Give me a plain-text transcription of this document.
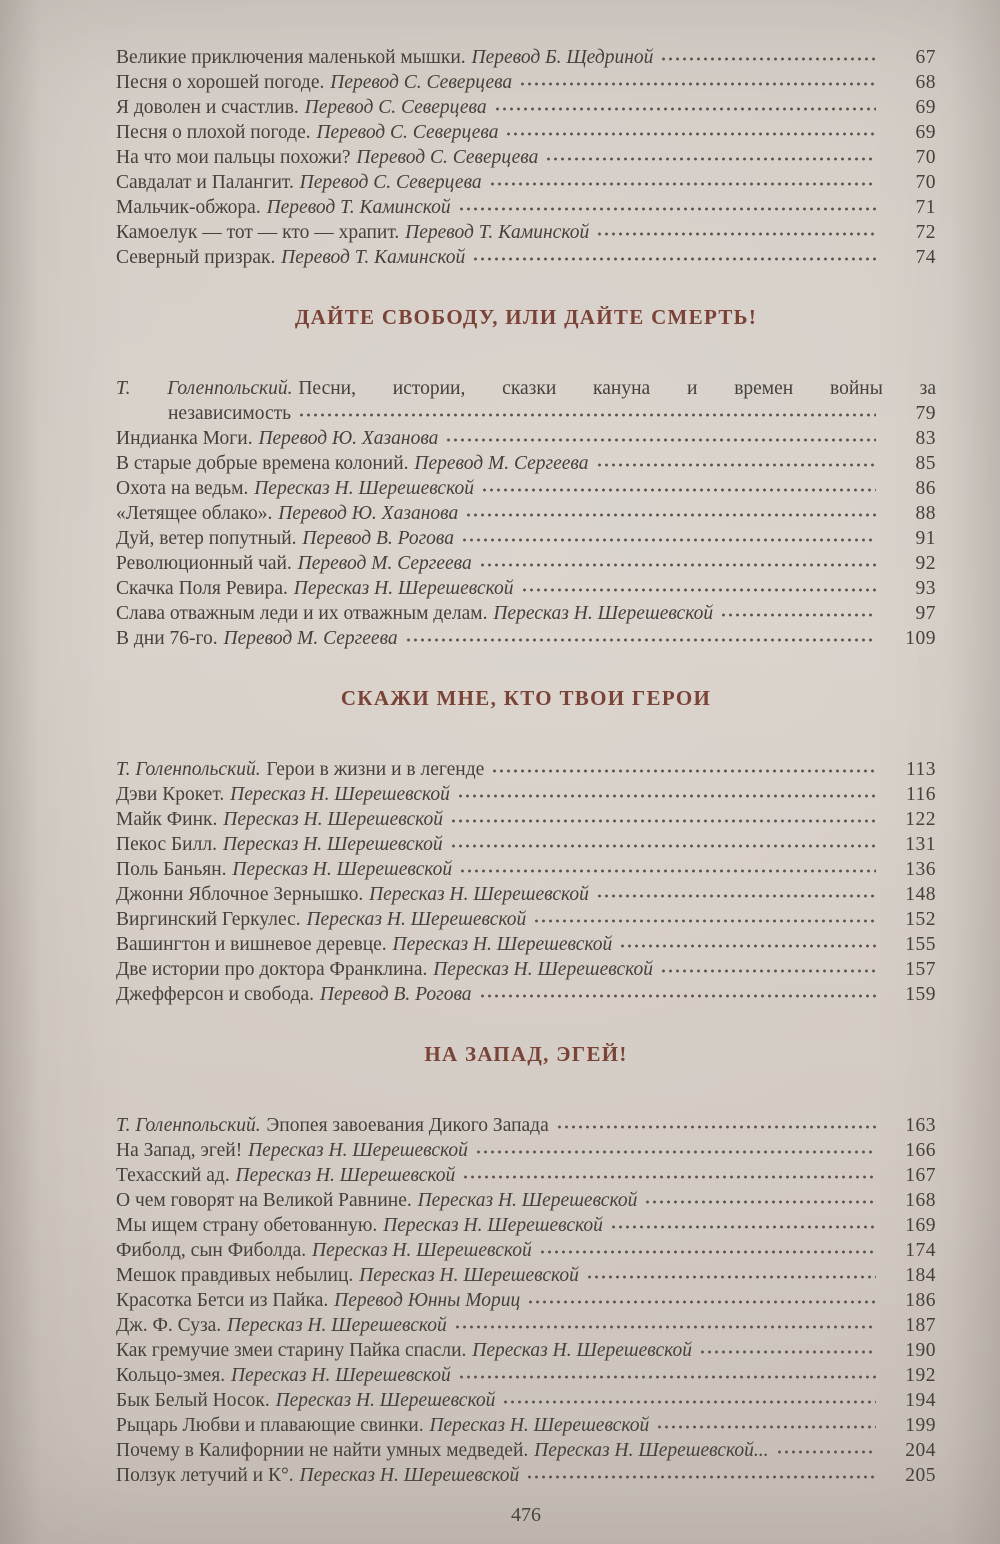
Великие приключения маленькой мышки. Перевод Б. Щедриной	67
Песня о хорошей погоде. Перевод С. Северцева	68
Я доволен и счастлив. Перевод С. Северцева	69
Песня о плохой погоде. Перевод С. Северцева	69
На что мои пальцы похожи? Перевод С. Северцева	70
Савдалат и Палангит. Перевод С. Северцева	70
Мальчик-обжора. Перевод Т. Каминской	71
Камоелук — тот — кто — храпит. Перевод Т. Каминской	72
Северный призрак. Перевод Т. Каминской	74
ДАЙТЕ СВОБОДУ, ИЛИ ДАЙТЕ СМЕРТЬ!
Т. Голенпольский. Песни, истории, сказки кануна и времен войны за
независимость	79
Индианка Моги. Перевод Ю. Хазанова	83
В старые добрые времена колоний. Перевод М. Сергеева	85
Охота на ведьм. Пересказ Н. Шерешевской	86
«Летящее облако». Перевод Ю. Хазанова	88
Дуй, ветер попутный. Перевод В. Рогова	91
Революционный чай. Перевод М. Сергеева	92
Скачка Поля Ревира. Пересказ Н. Шерешевской	93
Слава отважным леди и их отважным делам. Пересказ Н. Шерешевской	97
В дни 76-го. Перевод М. Сергеева	109
СКАЖИ МНЕ, КТО ТВОИ ГЕРОИ
Т. Голенпольский. Герои в жизни и в легенде	113
Дэви Крокет. Пересказ Н. Шерешевской	116
Майк Финк. Пересказ Н. Шерешевской	122
Пекос Билл. Пересказ Н. Шерешевской	131
Поль Баньян. Пересказ Н. Шерешевской	136
Джонни Яблочное Зернышко. Пересказ Н. Шерешевской	148
Виргинский Геркулес. Пересказ Н. Шерешевской	152
Вашингтон и вишневое деревце. Пересказ Н. Шерешевской	155
Две истории про доктора Франклина. Пересказ Н. Шерешевской	157
Джефферсон и свобода. Перевод В. Рогова	159
НА ЗАПАД, ЭГЕЙ!
Т. Голенпольский. Эпопея завоевания Дикого Запада	163
На Запад, эгей! Пересказ Н. Шерешевской	166
Техасский ад. Пересказ Н. Шерешевской	167
О чем говорят на Великой Равнине. Пересказ Н. Шерешевской	168
Мы ищем страну обетованную. Пересказ Н. Шерешевской	169
Фиболд, сын Фиболда. Пересказ Н. Шерешевской	174
Мешок правдивых небылиц. Пересказ Н. Шерешевской	184
Красотка Бетси из Пайка. Перевод Юнны Мориц	186
Дж. Ф. Суза. Пересказ Н. Шерешевской	187
Как гремучие змеи старину Пайка спасли. Пересказ Н. Шерешевской	190
Кольцо-змея. Пересказ Н. Шерешевской	192
Бык Белый Носок. Пересказ Н. Шерешевской	194
Рыцарь Любви и плавающие свинки. Пересказ Н. Шерешевской	199
Почему в Калифорнии не найти умных медведей. Пересказ Н. Шерешевской...	204
Ползук летучий и К°. Пересказ Н. Шерешевской	205
476
